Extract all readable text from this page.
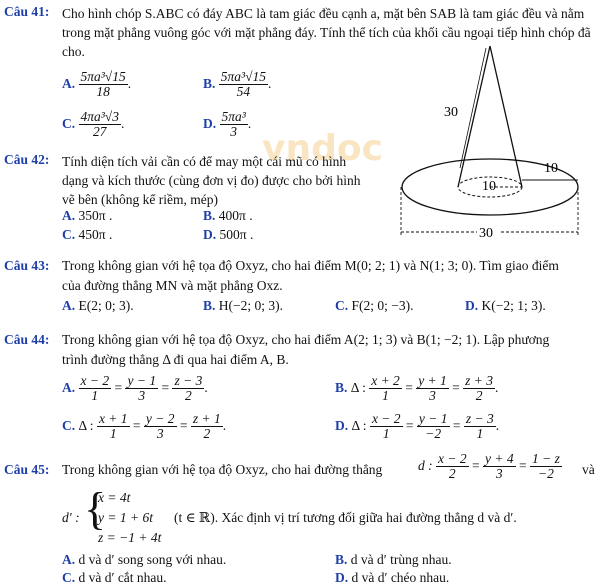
Câu 41: Cho hình chóp S.ABC có đáy ABC là tam giác đều cạnh a, mặt bên SAB là tam giác đều và nằm trong mặt phẳng vuông góc với mặt phẳng đáy. Tính thể tích của khối cầu ngoại tiếp hình chóp đã cho.
A. $\frac{\text{5πa³√15}}{18}$ .	B. $\frac{\text{5πa³√15}}{54}$ .
C. $\frac{\text{4πa³√3}}{27}$ .	D. $\frac{\text{5πa³}}{3}$ .
vndoc
30
10
10
30
Câu 42: Tính diện tích vải cần có để may một cái mũ có hình dạng và kích thước (cùng đơn vị đo) được cho bởi hình vẽ bên (không kể riềm, mép)
A. 350π .	B. 400π .
C. 450π .	D. 500π .
Câu 43: Trong không gian với hệ tọa độ Oxyz, cho hai điểm M(0; 2; 1) và N(1; 3; 0). Tìm giao điểm
của đường thẳng MN và mặt phẳng Oxz.
A. E(2; 0; 3).	B. H(−2; 0; 3).	C. F(2; 0; −3).	D. K(−2; 1; 3).
Câu 44: Trong không gian với hệ tọa độ Oxyz, cho hai điểm A(2; 1; 3) và B(1; −2; 1). Lập phương
trình đường thẳng Δ đi qua hai điểm A, B.
A. $\frac{x - 2}{1} = \frac{y - 1}{3} = \frac{z - 3}{2}$ .	B. Δ : $\frac{x + 2}{1} = \frac{y + 1}{3} = \frac{z + 3}{2}$ .
C. Δ : $\frac{x + 1}{1} = \frac{y - 2}{3} = \frac{z + 1}{2}$ .	D. Δ : $\frac{x - 2}{1} = \frac{y - 1}{-2} = \frac{z - 3}{1}$ .
Câu 45: Trong không gian với hệ tọa độ Oxyz, cho hai đường thẳng	d : $\frac{x - 2}{2} = \frac{y + 4}{3} = \frac{1 - z}{-2}$ và
d′ : {
x = 4t
y = 1 + 6t
z = −1 + 4t
(t ∈ ℝ). Xác định vị trí tương đối giữa hai đường thẳng d và d′.
A. d và d′ song song với nhau.	B. d và d′ trùng nhau.
C. d và d′ cắt nhau.	D. d và d′ chéo nhau.
